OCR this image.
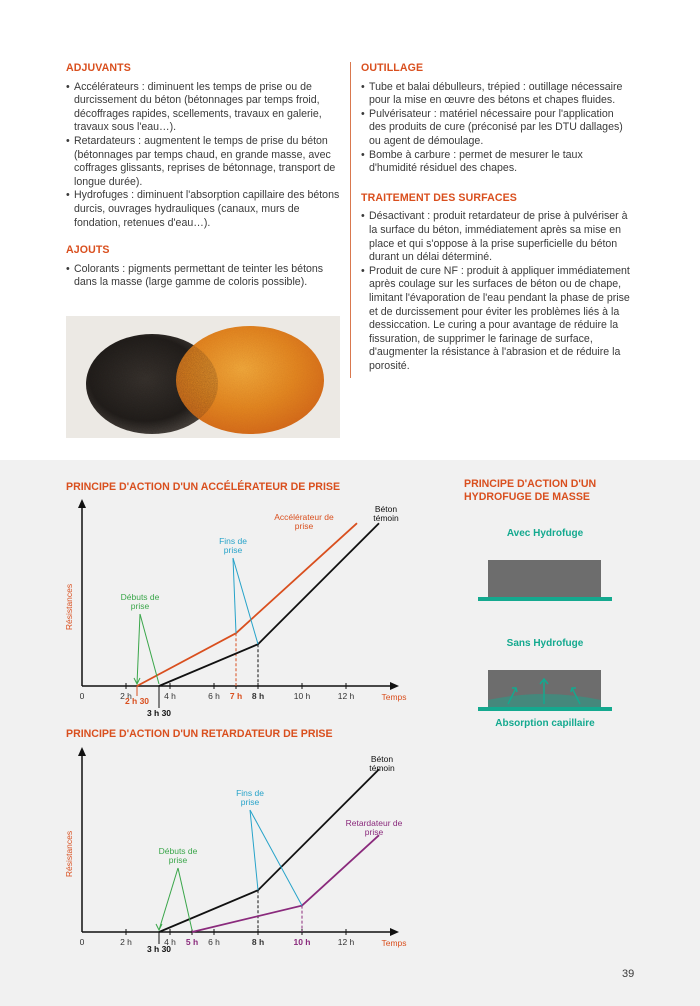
ADJUVANTS
• Accélérateurs : diminuent les temps de prise ou de durcissement du béton (bétonnages par temps froid, décoffrages rapides, scellements, travaux en galerie, travaux sous l'eau…).
• Retardateurs : augmentent le temps de prise du béton (bétonnages par temps chaud, en grande masse, avec coffrages glissants, reprises de bétonnage, transport de longue durée).
• Hydrofuges : diminuent l'absorption capillaire des bétons durcis, ouvrages hydrauliques (canaux, murs de fondation, retenues d'eau…).
AJOUTS
• Colorants : pigments permettant de teinter les bétons dans la masse (large gamme de coloris possible).
OUTILLAGE
• Tube et balai débulleurs, trépied : outillage nécessaire pour la mise en œuvre des bétons et chapes fluides.
• Pulvérisateur : matériel nécessaire pour l'application des produits de cure (préconisé par les DTU dallages) ou agent de démoulage.
• Bombe à carbure : permet de mesurer le taux d'humidité résiduel des chapes.
TRAITEMENT DES SURFACES
• Désactivant : produit retardateur de prise à pulvériser à la surface du béton, immédiatement après sa mise en place et qui s'oppose à la prise superficielle du béton durant un délai déterminé.
• Produit de cure NF : produit à appliquer immédiatement après coulage sur les surfaces de béton ou de chape, limitant l'évaporation de l'eau pendant la phase de prise et de durcissement pour éviter les problèmes liés à la dessiccation. Le curing a pour avantage de réduire la fissuration, de supprimer le farinage de surface, d'augmenter la résistance à l'abrasion et de réduire la porosité.
PRINCIPE D'ACTION D'UN ACCÉLÉRATEUR DE PRISE
Résistances
Temps
0	2 h	4 h	6 h 7 h 8 h	10 h	12 h
2 h 30
3 h 30
Accélérateur de prise
Béton témoin
Débuts de prise
Fins de prise
PRINCIPE D'ACTION D'UN RETARDATEUR DE PRISE
Résistances
Temps
0	2 h	4 h 5 h 6 h	8 h	10 h	12 h
3 h 30
Béton témoin
Retardateur de prise
Débuts de prise
Fins de prise
PRINCIPE D'ACTION D'UN HYDROFUGE DE MASSE
Avec Hydrofuge
Sans Hydrofuge
Absorption capillaire
39
